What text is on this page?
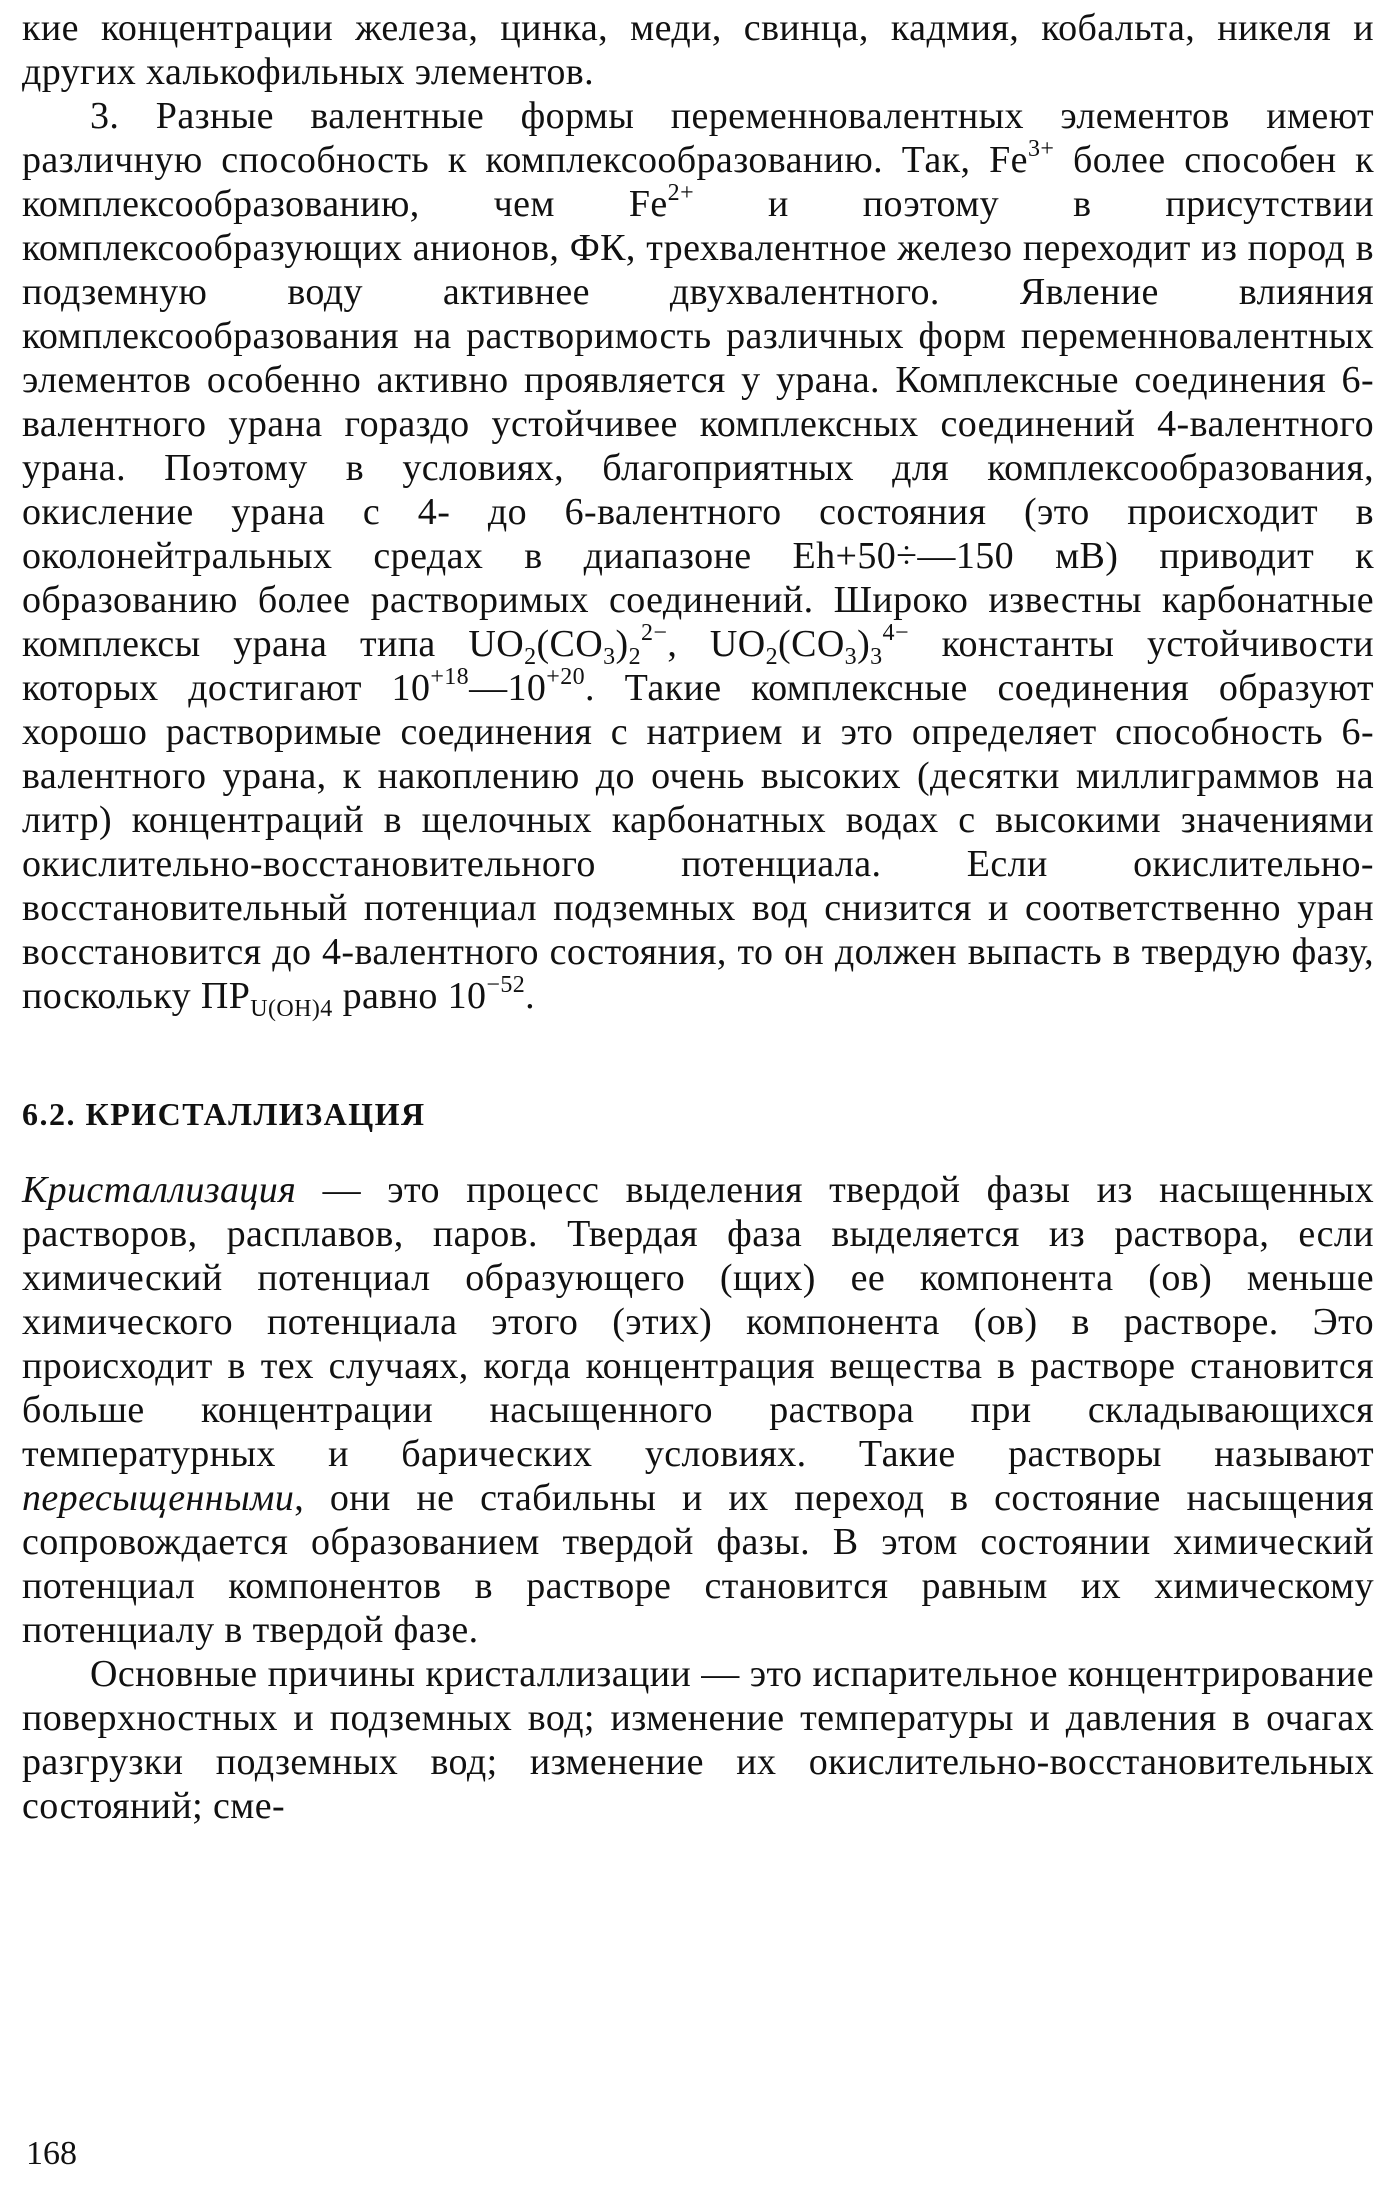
кие концентрации железа, цинка, меди, свинца, кадмия, кобальта, никеля и других халькофильных элементов.

3. Разные валентные формы переменновалентных элементов имеют различную способность к комплексообразованию. Так, $Fe^{3+}$ более способен к комплексообразованию, чем $Fe^{2+}$ и поэтому в присутствии комплексообразующих анионов, ФК, трехвалентное железо переходит из пород в подземную воду активнее двухвалентного. Явление влияния комплексообразования на растворимость различных форм переменновалентных элементов особенно активно проявляется у урана. Комплексные соединения 6-валентного урана гораздо устойчивее комплексных соединений 4-валентного урана. Поэтому в условиях, благоприятных для комплексообразования, окисление урана с 4- до 6-валентного состояния (это происходит в околонейтральных средах в диапазоне Eh+50÷—150 мВ) приводит к образованию более растворимых соединений. Широко известны карбонатные комплексы урана типа $UO_2(CO_3)_2^{2-}$, $UO_2(CO_3)_3^{4-}$ константы устойчивости которых достигают $10^{+18}—10^{+20}$. Такие комплексные соединения образуют хорошо растворимые соединения с натрием и это определяет способность 6-валентного урана, к накоплению до очень высоких (десятки миллиграммов на литр) концентраций в щелочных карбонатных водах с высокими значениями окислительно-восстановительного потенциала. Если окислительно-восстановительный потенциал подземных вод снизится и соответственно уран восстановится до 4-валентного состояния, то он должен выпасть в твердую фазу, поскольку $ПР_{U(OH)4}$ равно $10^{-52}$.

6.2. КРИСТАЛЛИЗАЦИЯ

Кристаллизация — это процесс выделения твердой фазы из насыщенных растворов, расплавов, паров. Твердая фаза выделяется из раствора, если химический потенциал образующего (щих) ее компонента (ов) меньше химического потенциала этого (этих) компонента (ов) в растворе. Это происходит в тех случаях, когда концентрация вещества в растворе становится больше концентрации насыщенного раствора при складывающихся температурных и барических условиях. Такие растворы называют пересыщенными, они не стабильны и их переход в состояние насыщения сопровождается образованием твердой фазы. В этом состоянии химический потенциал компонентов в растворе становится равным их химическому потенциалу в твердой фазе.

Основные причины кристаллизации — это испарительное концентрирование поверхностных и подземных вод; изменение температуры и давления в очагах разгрузки подземных вод; изменение их окислительно-восстановительных состояний; сме-

168
